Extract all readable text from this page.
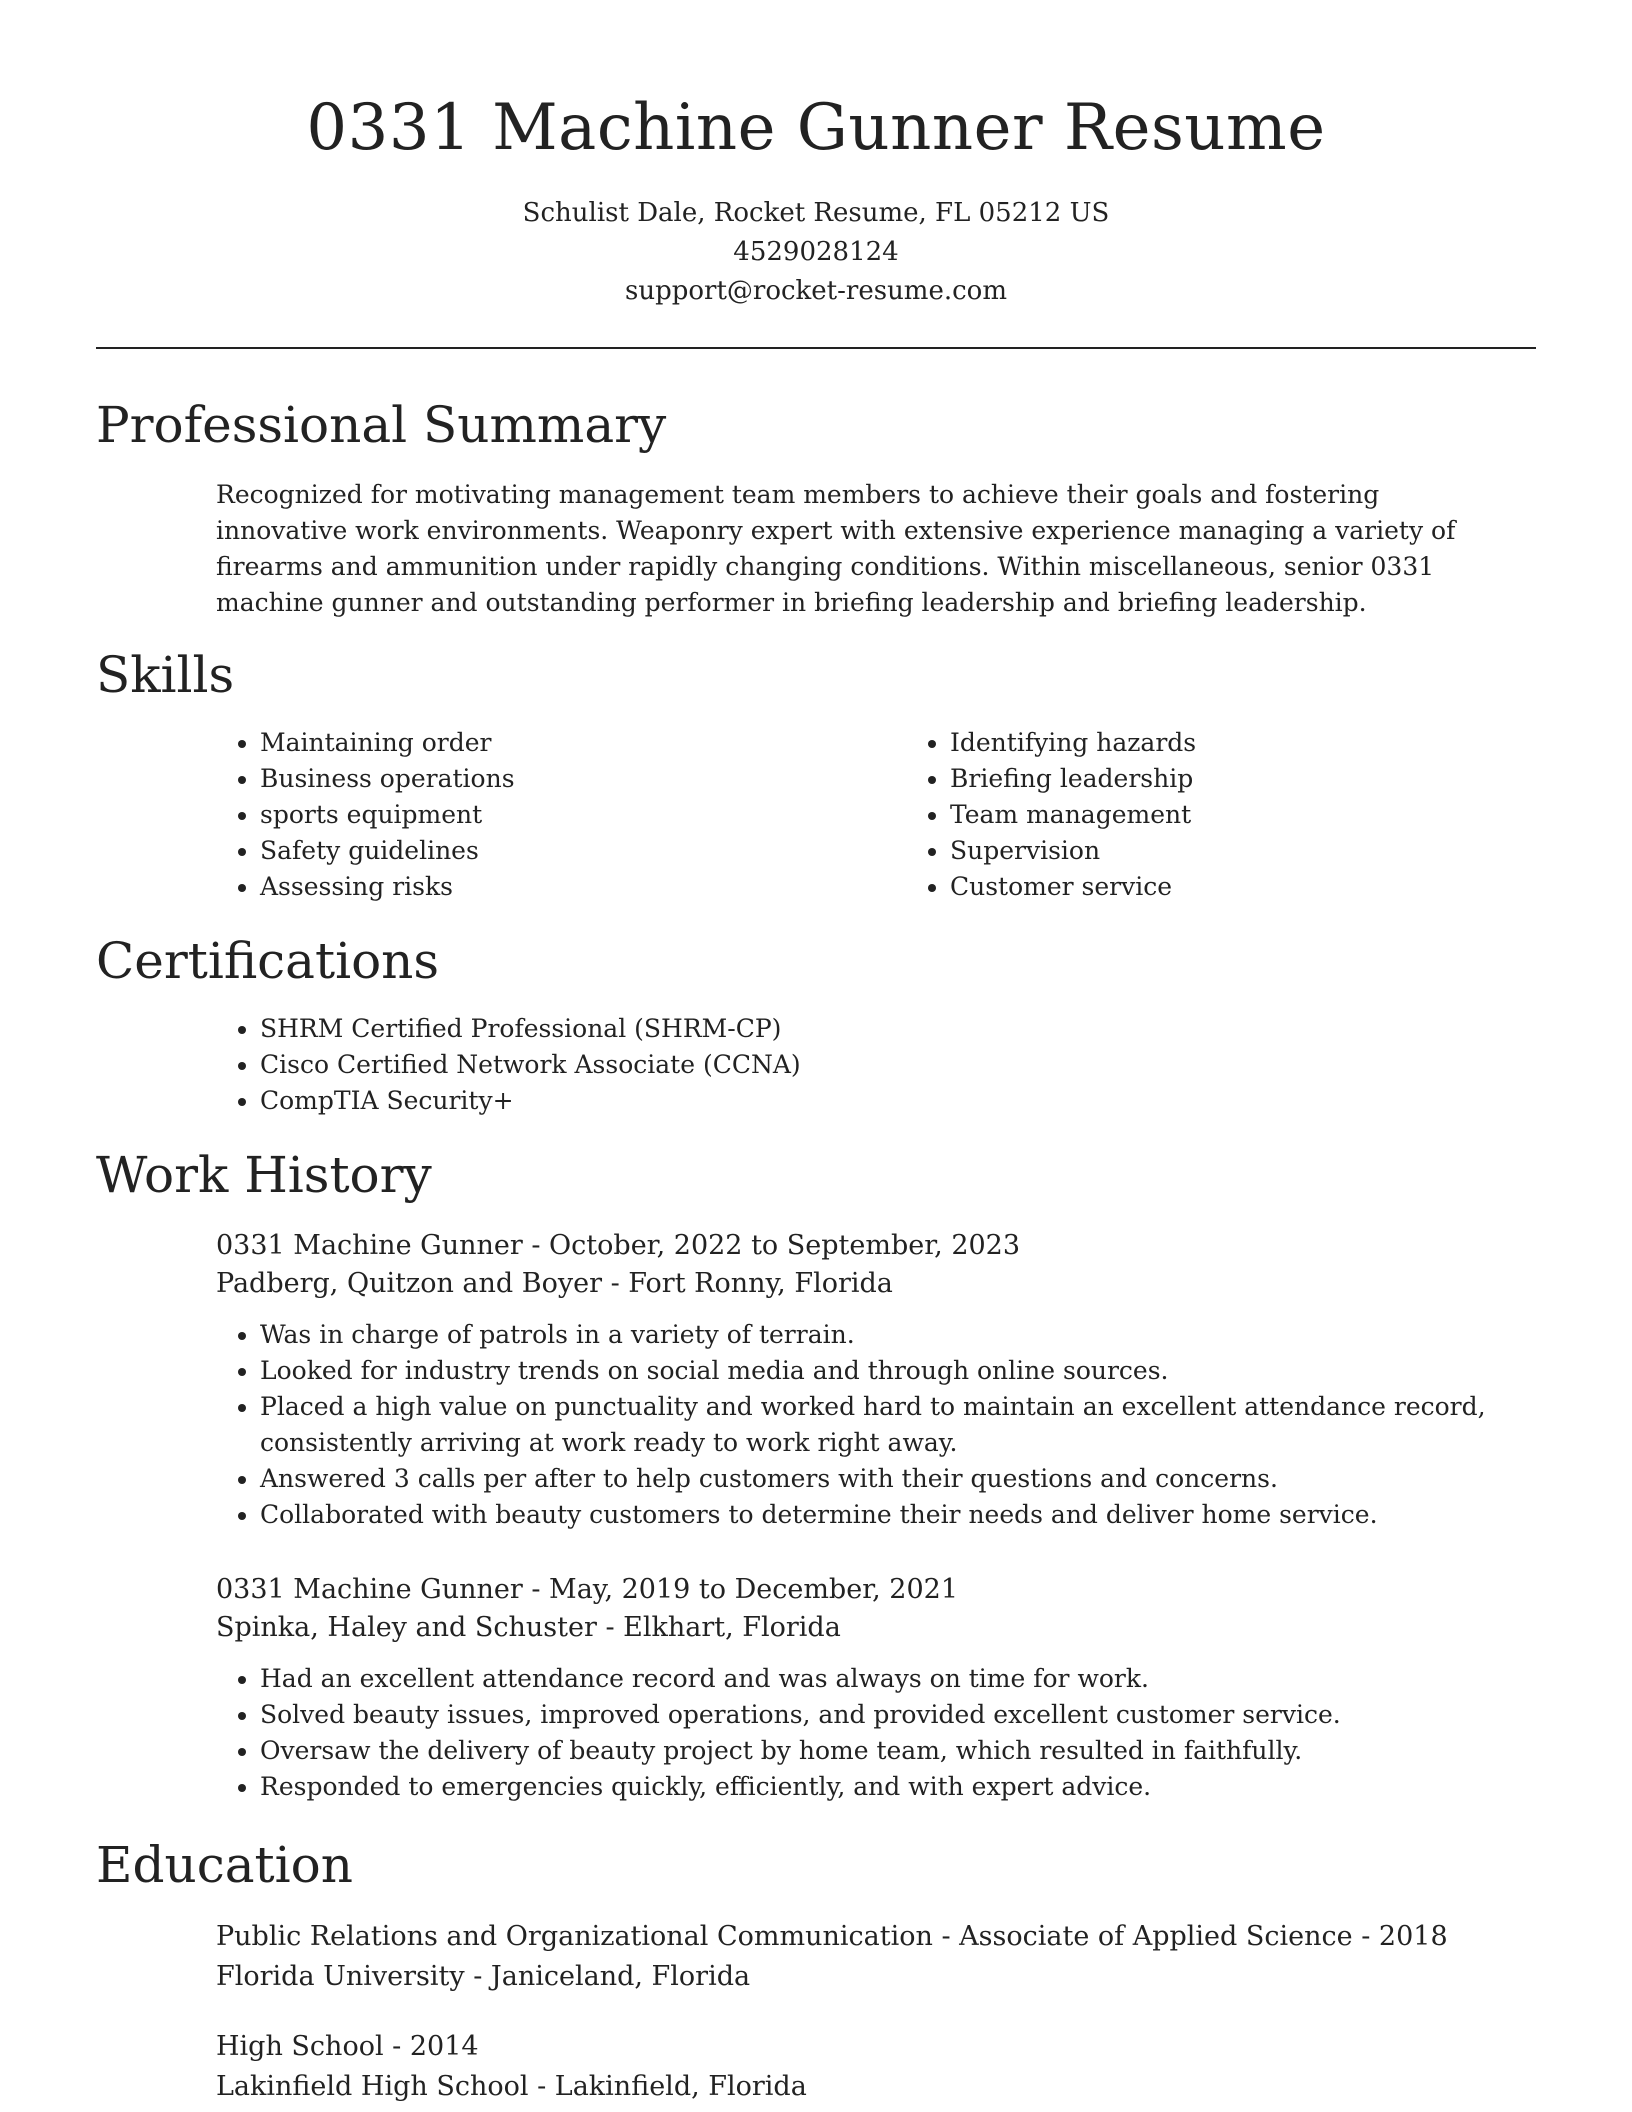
0331 Machine Gunner Resume
Schulist Dale, Rocket Resume, FL 05212 US
4529028124
support@rocket-resume.com
Professional Summary

Recognized for motivating management team members to achieve their goals and fostering innovative work environments. Weaponry expert with extensive experience managing a variety of firearms and ammunition under rapidly changing conditions. Within miscellaneous, senior 0331 machine gunner and outstanding performer in briefing leadership and briefing leadership.

Skills
• Maintaining order
• Business operations
• sports equipment
• Safety guidelines
• Assessing risks
• Identifying hazards
• Briefing leadership
• Team management
• Supervision
• Customer service
Certifications
• SHRM Certified Professional (SHRM-CP)
• Cisco Certified Network Associate (CCNA)
• CompTIA Security+
Work History
0331 Machine Gunner - October, 2022 to September, 2023
Padberg, Quitzon and Boyer - Fort Ronny, Florida
• Was in charge of patrols in a variety of terrain.
• Looked for industry trends on social media and through online sources.
• Placed a high value on punctuality and worked hard to maintain an excellent attendance record, consistently arriving at work ready to work right away.
• Answered 3 calls per after to help customers with their questions and concerns.
• Collaborated with beauty customers to determine their needs and deliver home service.
0331 Machine Gunner - May, 2019 to December, 2021
Spinka, Haley and Schuster - Elkhart, Florida
• Had an excellent attendance record and was always on time for work.
• Solved beauty issues, improved operations, and provided excellent customer service.
• Oversaw the delivery of beauty project by home team, which resulted in faithfully.
• Responded to emergencies quickly, efficiently, and with expert advice.
Education
Public Relations and Organizational Communication - Associate of Applied Science - 2018
Florida University - Janiceland, Florida
High School - 2014
Lakinfield High School - Lakinfield, Florida
